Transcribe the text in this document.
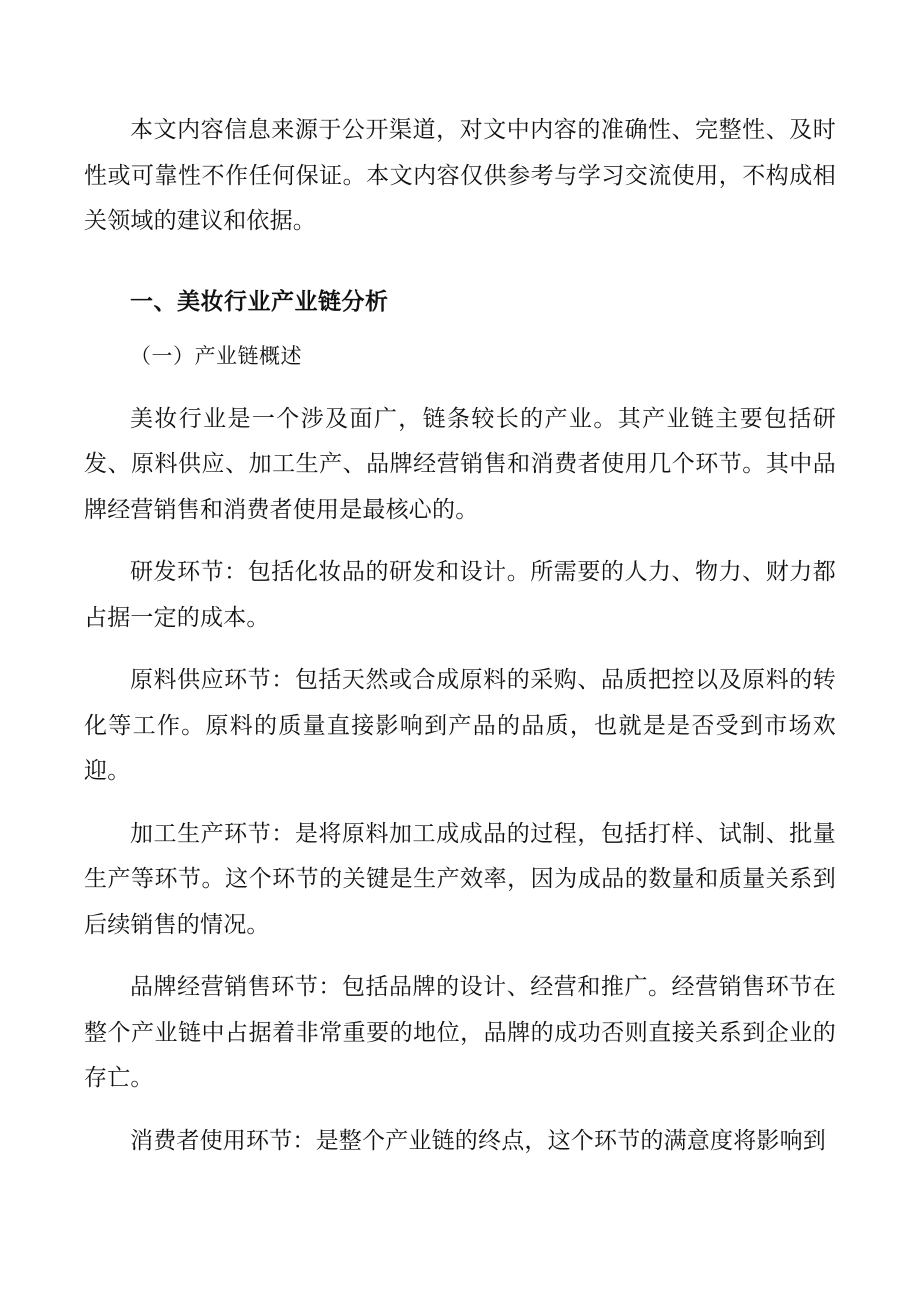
本文内容信息来源于公开渠道，对文中内容的准确性、完整性、及时性或可靠性不作任何保证。本文内容仅供参考与学习交流使用，不构成相关领域的建议和依据。

一、美妆行业产业链分析

（一）产业链概述

美妆行业是一个涉及面广，链条较长的产业。其产业链主要包括研发、原料供应、加工生产、品牌经营销售和消费者使用几个环节。其中品牌经营销售和消费者使用是最核心的。

研发环节：包括化妆品的研发和设计。所需要的人力、物力、财力都占据一定的成本。

原料供应环节：包括天然或合成原料的采购、品质把控以及原料的转化等工作。原料的质量直接影响到产品的品质，也就是是否受到市场欢迎。

加工生产环节：是将原料加工成成品的过程，包括打样、试制、批量生产等环节。这个环节的关键是生产效率，因为成品的数量和质量关系到后续销售的情况。

品牌经营销售环节：包括品牌的设计、经营和推广。经营销售环节在整个产业链中占据着非常重要的地位，品牌的成功否则直接关系到企业的存亡。

消费者使用环节：是整个产业链的终点，这个环节的满意度将影响到
